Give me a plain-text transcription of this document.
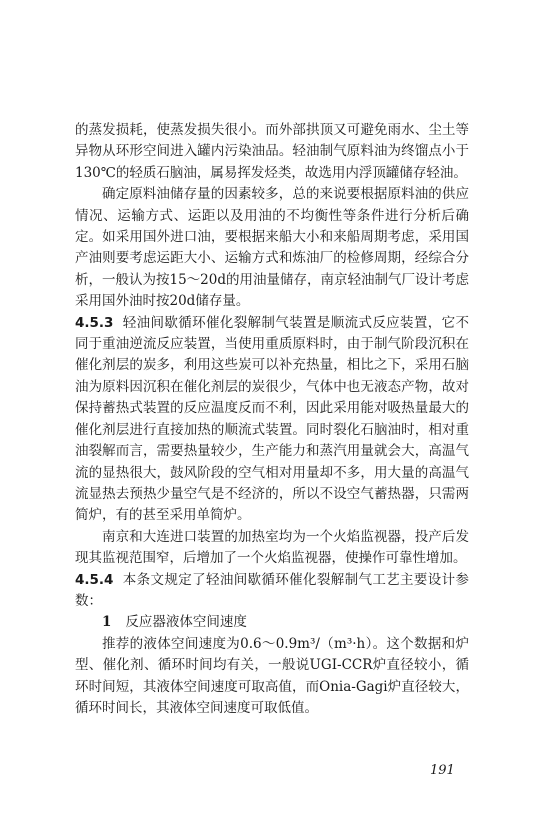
的蒸发损耗，使蒸发损失很小。而外部拱顶又可避免雨水、尘土等异物从环形空间进入罐内污染油品。轻油制气原料油为终馏点小于130℃的轻质石脑油，属易挥发烃类，故选用内浮顶罐储存轻油。

确定原料油储存量的因素较多，总的来说要根据原料油的供应情况、运输方式、运距以及用油的不均衡性等条件进行分析后确定。如采用国外进口油，要根据来船大小和来船周期考虑，采用国产油则要考虑运距大小、运输方式和炼油厂的检修周期，经综合分析，一般认为按15～20d的用油量储存，南京轻油制气厂设计考虑采用国外油时按20d储存量。

4.5.3 轻油间歇循环催化裂解制气装置是顺流式反应装置，它不同于重油逆流反应装置，当使用重质原料时，由于制气阶段沉积在催化剂层的炭多，利用这些炭可以补充热量，相比之下，采用石脑油为原料因沉积在催化剂层的炭很少，气体中也无液态产物，故对保持蓄热式装置的反应温度反而不利，因此采用能对吸热量最大的催化剂层进行直接加热的顺流式装置。同时裂化石脑油时，相对重油裂解而言，需要热量较少，生产能力和蒸汽用量就会大，高温气流的显热很大，鼓风阶段的空气相对用量却不多，用大量的高温气流显热去预热少量空气是不经济的，所以不设空气蓄热器，只需两简炉，有的甚至采用单简炉。

南京和大连进口装置的加热室均为一个火焰监视器，投产后发现其监视范围窄，后增加了一个火焰监视器，使操作可靠性增加。

4.5.4 本条文规定了轻油间歇循环催化裂解制气工艺主要设计参数：

1 反应器液体空间速度

推荐的液体空间速度为0.6～0.9m³/（m³·h）。这个数据和炉型、催化剂、循环时间均有关，一般说UGI-CCR炉直径较小，循环时间短，其液体空间速度可取高值，而Onia-Gagi炉直径较大，循环时间长，其液体空间速度可取低值。

191
